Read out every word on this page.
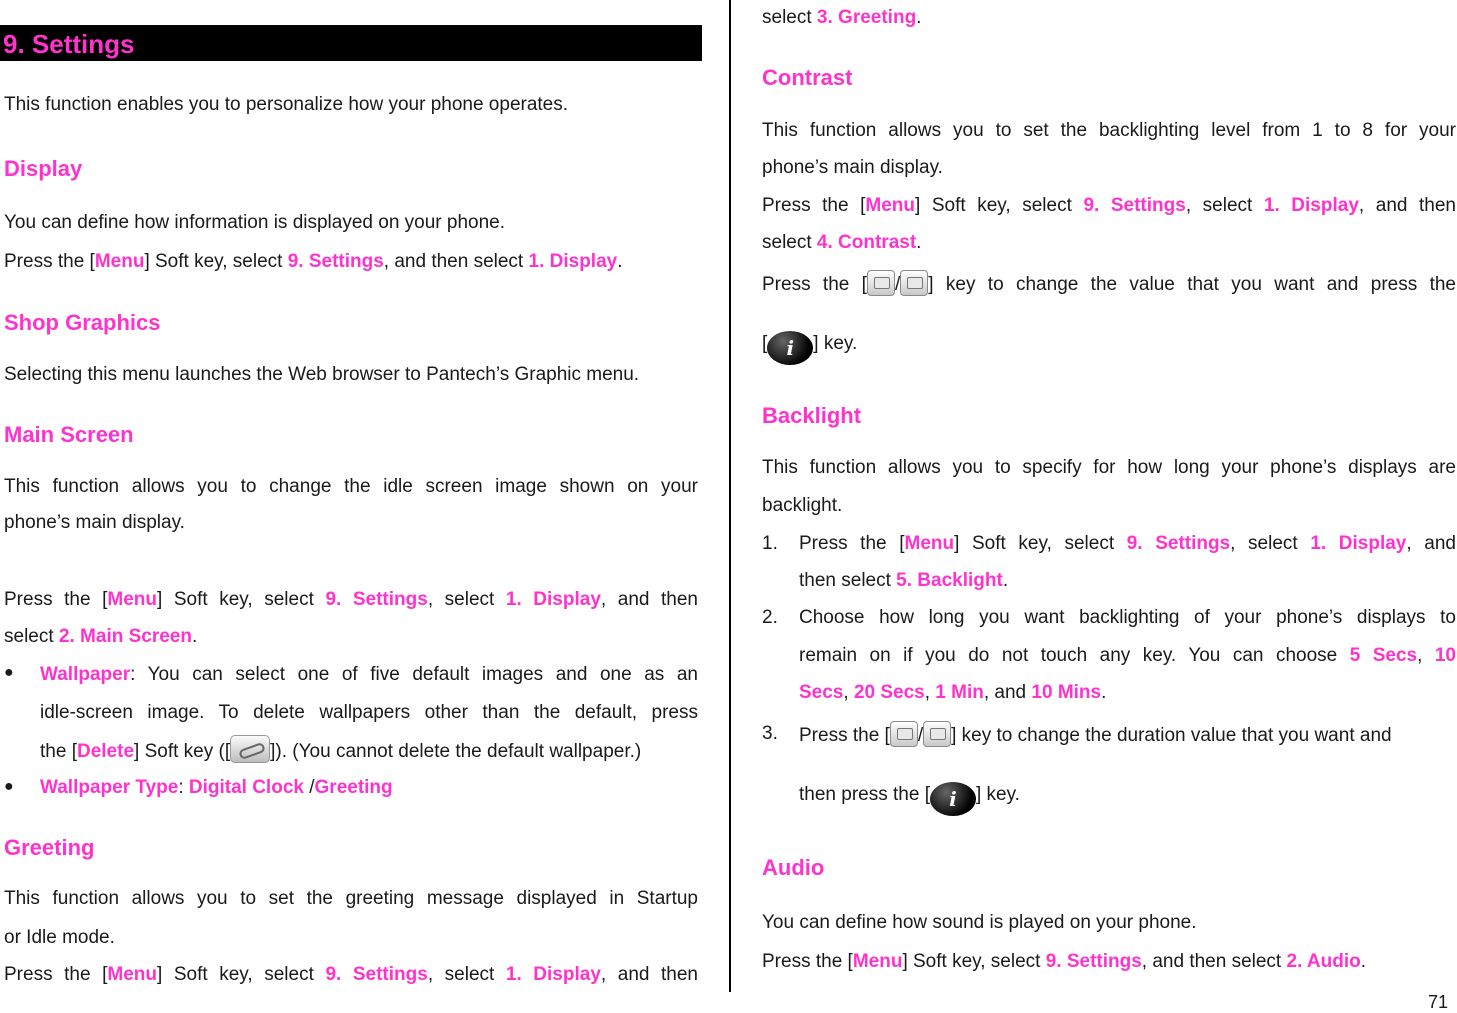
9. Settings
This function enables you to personalize how your phone operates.
Display
You can define how information is displayed on your phone.
Press the [Menu] Soft key, select 9. Settings, and then select 1. Display.
Shop Graphics
Selecting this menu launches the Web browser to Pantech’s Graphic menu.
Main Screen
This function allows you to change the idle screen image shown on your
phone’s main display.
Press the [Menu] Soft key, select 9. Settings, select 1. Display, and then
select 2. Main Screen.
● Wallpaper: You can select one of five default images and one as an
idle-screen image. To delete wallpapers other than the default, press
the [Delete] Soft key ([ ]). (You cannot delete the default wallpaper.)
● Wallpaper Type: Digital Clock /Greeting
Greeting
This function allows you to set the greeting message displayed in Startup
or Idle mode.
Press the [Menu] Soft key, select 9. Settings, select 1. Display, and then
select 3. Greeting.
Contrast
This function allows you to set the backlighting level from 1 to 8 for your
phone’s main display.
Press the [Menu] Soft key, select 9. Settings, select 1. Display, and then
select 4. Contrast.
Press the [ / ] key to change the value that you want and press the
[ i ] key.
Backlight
This function allows you to specify for how long your phone’s displays are
backlight.
1. Press the [Menu] Soft key, select 9. Settings, select 1. Display, and
then select 5. Backlight.
2. Choose how long you want backlighting of your phone’s displays to
remain on if you do not touch any key. You can choose 5 Secs, 10
Secs, 20 Secs, 1 Min, and 10 Mins.
3. Press the [ / ] key to change the duration value that you want and
then press the [ i ] key.
Audio
You can define how sound is played on your phone.
Press the [Menu] Soft key, select 9. Settings, and then select 2. Audio.
71
